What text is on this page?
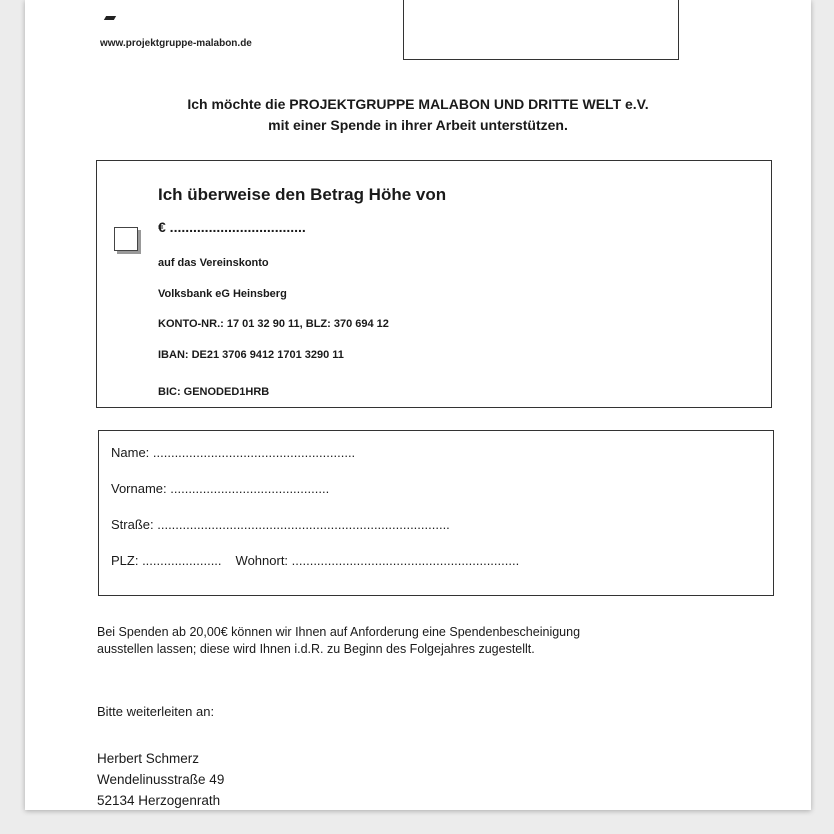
www.projektgruppe-malabon.de
Ich möchte die PROJEKTGRUPPE MALABON UND DRITTE WELT e.V.
mit einer Spende in ihrer Arbeit unterstützen.
Ich überweise den Betrag Höhe von
€ ...................................
auf das Vereinskonto
Volksbank eG Heinsberg
KONTO-NR.: 17 01 32 90 11, BLZ: 370 694 12
IBAN: DE21 3706 9412 1701 3290 11
BIC: GENODED1HRB
Name: ........................................................
Vorname: ............................................
Straße: .................................................................................
PLZ: ...................... Wohnort: ...............................................................
Bei Spenden ab 20,00€ können wir Ihnen auf Anforderung eine Spendenbescheinigung
ausstellen lassen; diese wird Ihnen i.d.R. zu Beginn des Folgejahres zugestellt.
Bitte weiterleiten an:
Herbert Schmerz
Wendelinusstraße 49
52134 Herzogenrath
